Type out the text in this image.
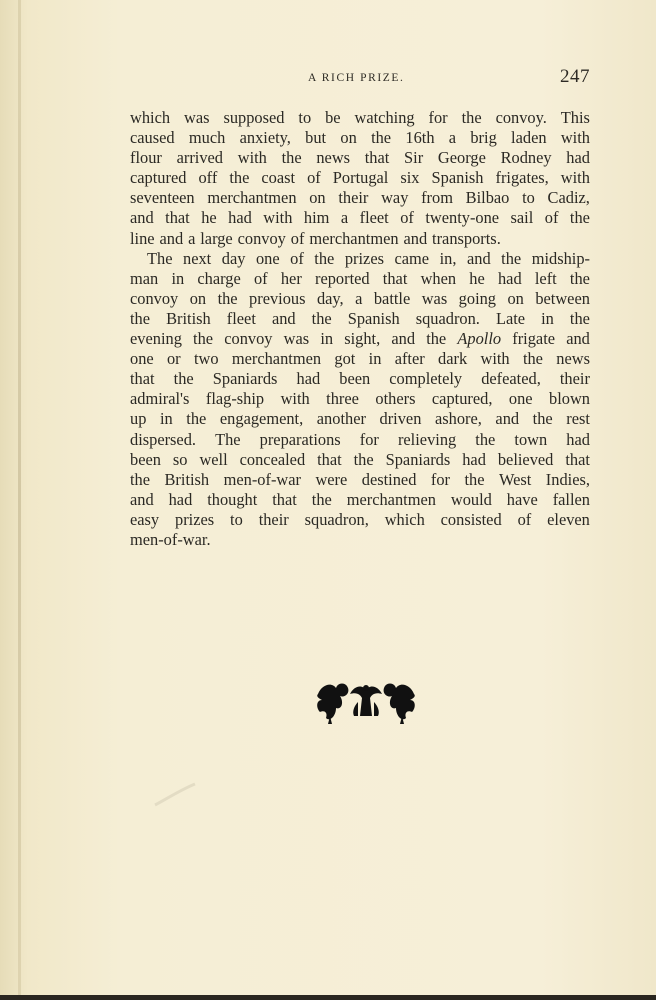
A RICH PRIZE.	247
which was supposed to be watching for the convoy. This
caused much anxiety, but on the 16th a brig laden with
flour arrived with the news that Sir George Rodney had
captured off the coast of Portugal six Spanish frigates, with
seventeen merchantmen on their way from Bilbao to Cadiz,
and that he had with him a fleet of twenty-one sail of the
line and a large convoy of merchantmen and transports.
The next day one of the prizes came in, and the midship-
man in charge of her reported that when he had left the
convoy on the previous day, a battle was going on between
the British fleet and the Spanish squadron. Late in the
evening the convoy was in sight, and the Apollo frigate and
one or two merchantmen got in after dark with the news
that the Spaniards had been completely defeated, their
admiral's flag-ship with three others captured, one blown
up in the engagement, another driven ashore, and the rest
dispersed. The preparations for relieving the town had
been so well concealed that the Spaniards had believed that
the British men-of-war were destined for the West Indies,
and had thought that the merchantmen would have fallen
easy prizes to their squadron, which consisted of eleven
men-of-war.
